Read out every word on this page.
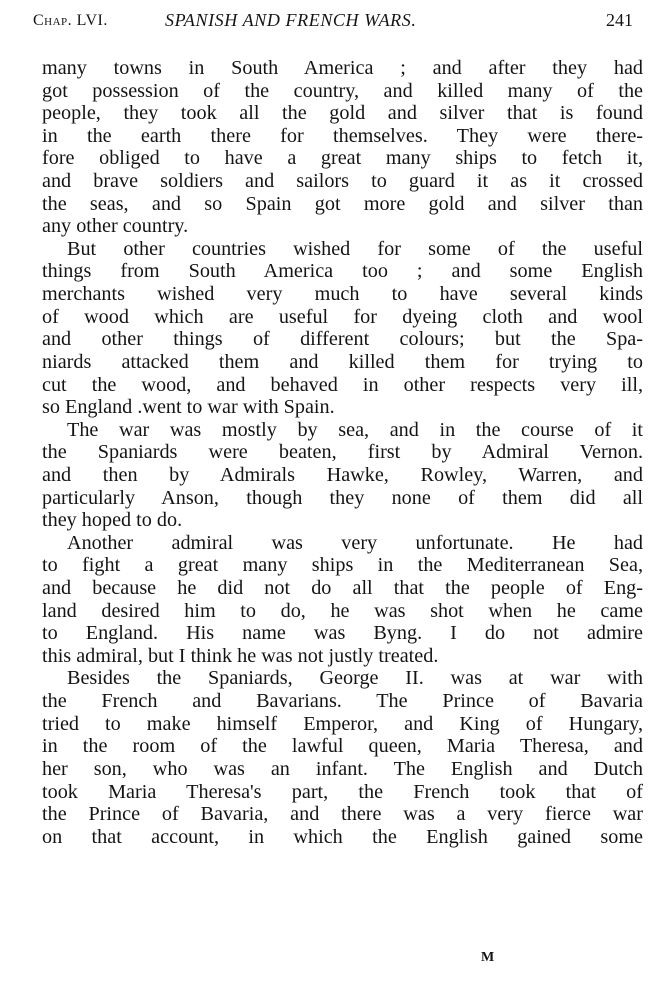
Chap. LVI.	SPANISH AND FRENCH WARS.	241

many towns in South America ; and after they had
got possession of the country, and killed many of the
people, they took all the gold and silver that is found
in the earth there for themselves. They were there-
fore obliged to have a great many ships to fetch it,
and brave soldiers and sailors to guard it as it crossed
the seas, and so Spain got more gold and silver than
any other country.

But other countries wished for some of the useful
things from South America too ; and some English
merchants wished very much to have several kinds
of wood which are useful for dyeing cloth and wool
and other things of different colours; but the Spa-
niards attacked them and killed them for trying to
cut the wood, and behaved in other respects very ill,
so England .went to war with Spain.

The war was mostly by sea, and in the course of it
the Spaniards were beaten, first by Admiral Vernon.
and then by Admirals Hawke, Rowley, Warren, and
particularly Anson, though they none of them did all
they hoped to do.

Another admiral was very unfortunate. He had
to fight a great many ships in the Mediterranean Sea,
and because he did not do all that the people of Eng-
land desired him to do, he was shot when he came
to England. His name was Byng. I do not admire
this admiral, but I think he was not justly treated.

Besides the Spaniards, George II. was at war with
the French and Bavarians. The Prince of Bavaria
tried to make himself Emperor, and King of Hungary,
in the room of the lawful queen, Maria Theresa, and
her son, who was an infant. The English and Dutch
took Maria Theresa's part, the French took that of
the Prince of Bavaria, and there was a very fierce war
on that account, in which the English gained some

M
